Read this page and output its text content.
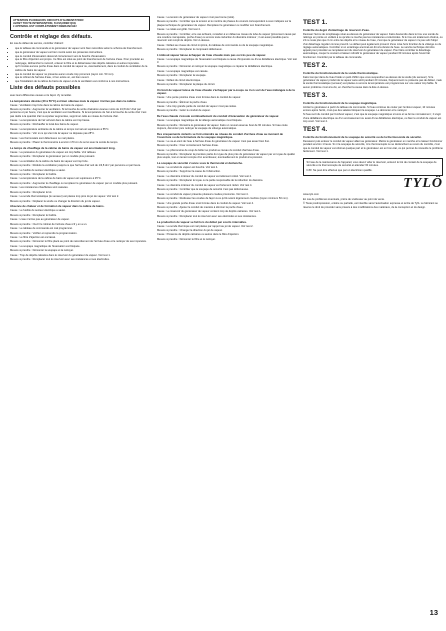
ATTENTION PLONGEURS CIRCUITS D'ALIMENTATION!
AVANT TOUTE INTERVENTION, S'ASSURER QUE
L'APPAREIL EST COMPLÈTEMENT DÉBRANCHÉ!
Contrôle et réglage des défauts.

En cas de défaut de service, contrôler d'abord :

• que le tableau de commande et le générateur de vapeur sont bien raccordés selon le schéma de branchement.
• que le générateur de vapeur est bien monté selon les présentes instructions.
• que le conduit d'évacuation descend correctement vers la bouche d'évacuation.
• que le filtre d'éjection est propre. Ce filtre est situé au point de branchement de l'arrivée d'eau. Pour procéder au nettoyage, débrancher le raccord, enlever le filtre et le débarrasser des dépôts calcaires et autres impuretés.
• qu'il n'existe aucune poche d'eau dans le conduit de vapeur ou, éventuellement, dans le conduit de ventilation de la cabine de bains de vapeur.
• que le conduit de vapeur ne présente aucun coude trop prononcé (rayon min. 50 mm).
• que le robinet de l'arrivée d'eau, s'il en existe un, est bien ouvert.
• que l'installation de la cabine de bains de vapeur et de la ventilation est conforme à nos instructions.
Liste des défauts possibles

avec leurs différentes causes et le façon d'y remédier.

La température désirée (40 à 50°C) est bien obtenue mais la vapeur n'arrive pas dans la cabine.

Cause : Ventilation trop forte dans la cabine de bains de vapeur.

Mesure à prendre : Augmenter la ventilation. Si la bouche de sortie d'aération évacue moins de 1/3,8 dm³ d'air par personne et par heure, c'est que la ventilation est insuffisante. Si la température de l'air à la bouche de sortie d'air n'est pas réelle à la quantité d'air à expulser augmentée, supprimer celle au niveau de l'arrivée d'air.

Cause : La température de l'air arrivant dans la cabine est trop basse.

Mesure à prendre : Réchauffer le local des bains de vapeur.

Cause : La température ambiante de la cabine et temps normal est supérieure à 55°C.

Mesure à prendre : Voir si ce qui vient de la vapeur ne dépasse pas 28°C.

Cause : Les thermostats sont défectueux ou mal placés.

Mesure à prendre : Placer le thermomètre à environ 170 cm du sol et avec la sonde de temps.

Le temps de chauffage de la cabine de bains de vapeur est anormalement long.

Cause : La puissance du générateur de vapeur est trop faible. Voir tableau.

Mesure à prendre : Remplacer le générateur par un modèle plus puissant.

Cause : La ventilation de la cabine de bains de vapeur est trop forte.

Mesure à prendre : Réduire la ventilation jusqu'à ce que l'arrivée d'air soit de 1/3,8 dm³ par personne et par heure.

Cause : Le fusible du secteur électrique a sauté.

Mesure à prendre : Remplacer le fusible.

Cause : La température de la cabine de bains de vapeur est supérieure à 25°C.

Mesure à prendre : Augmenter le chauffage ou remplacer le générateur de vapeur par un modèle plus puissant.

Cause : Les résistances chauffantes sont cassées.

Mesure à prendre : Remplacer le lot.

Cause : La sonde thermostatique (le senseur) est placée trop près du jet de vapeur. Voir test 2.

Mesure à prendre : Déplacer la sonde ou changer la direction du jet de vapeur.

Absence de chaleur et de formation de vapeur dans la cabine de bains.

Cause : Le fusible du secteur électrique a sauté.

Mesure à prendre : Remplacer le fusible.

Cause : L'eau n'arrive pas au générateur de vapeur.

Mesure à prendre : Ouvrir le robinet de l'arrivée d'eau s'il y en a un.

Cause : Le tableau de commande est mal programmé.

Mesure à prendre : Vérifier et reprendre la programmation.

Cause : Le filtre d'éjection est encrassé.

Mesure à prendre : Démonter le filtre placé au point de raccordement de l'arrivée d'eau et le nettoyer de ses impuretés.

Cause : La soupape magnétique de l'évacuation est bloquée.

Mesure à prendre : Démonter la soupape et la nettoyer.

Cause : Trop de dépôts calcaires dans le réservoir du générateur de vapeur. Voir test 1.

Mesure à prendre : Remplacer tout le réservoir avec ses résistances et ses électrodes.

Cause : La tension du générateur de vapeur n'est pas bonne (relié).

Mesure à prendre : Contrôler que la tension et le nombre de phases du courant correspondent à ceux indiqués sur la plaque technique du générateur de vapeur. Remplacer le générateur ou modifier son branchement.

Cause : Le relais est grillé. Voir test 4.

Mesure à prendre : Contrôler, et le cas échéant, remédier à un défaut au niveau du tube de vapeur (pincement causé par une coudure mal ajustée, poche d'eau) ou encore toute réduction du diamètre intérieur ; il est aussi possible que le réservoir soit rempli de dépôts. Voir ci-dessus.

Cause : Défaut au niveau du circuit imprimé, du tableau de commande ou de la soupape magnétique.

Mesure à prendre : Remplacer le composant défectueux.

L'embout vapeur laisse échapper de l'eau chaude mais pas ou très peu de vapeur.

Cause : La soupape magnétique de l'évacuation est bloquée à cause d'impuretés ou d'une défaillance électrique. Voir test 3.

Mesure à prendre : Démonter et nettoyer la soupape magnétique ou réparer la défaillance électrique.

Cause : La soupape magnétique est cassée.

Mesure à prendre : Remplacer la soupape.

Cause : Défaut du circuit électronique.

Mesure à prendre : Remplacer la plaque du circuit.

Un bruit de vapeur laisse de l'eau chaude s'échapper par à-coups ou il en sort de l'eau mélangée à de la vapeur.

Cause : Une pente positive d'eau s'est formée dans le conduit de vapeur.

Mesure à prendre : Éliminer la poche d'eau.

Cause : Une trop grande partie du conduit de vapeur n'est pas isolée.

Mesure à prendre : Isoler le conduit de vapeur.

De l'eau chaude s'écoule continuellement du conduit d'évacuation du générateur de vapeur.

Cause : La soupape magnétique de la vidange automatique s'est bloquée.

Mesure à prendre : Remettre le générateur de vapeur. Faire un nouvel essai au bout de 60 minutes. Si l'eau coule toujours, démonter puis nettoyer la soupape de vidange automatique.

Des craquements violents se font entendre au niveau du conduit d'arrivée d'eau au moment de l'ouverture ou de la fermeture de la soupape magnétique.

Cause : Le va-et-vient de l'eau à l'arrivée d'eau du générateur de vapeur n'est pas assez bien fixé.

Mesure à prendre : Fixer correctement l'arrivée d'eau.

Cause : Le phénomène de coup de bélier se produit au niveau du conduit d'arrivée d'eau.

Mesure à prendre : Remplacer la première partie du tuyau de plus près du générateur de vapeur par un tuyau de qualité plus souple, tout en tenant compte d'un amortisseur, éventuellement le produit à la pression.

La soupape de sécurité s'ouvre sous la thermostat et déclenche.

Cause : Le conduit de vapeur est bouché. Voir test 4.

Mesure à prendre : Supprimer la cause de l'obstruction.

Cause : Le diamètre intérieur du conduit de vapeur est tellement réduit. Voir test 4.

Mesure à prendre : Remplacer le tuyau ou la partie responsable de la réduction du diamètre.

Cause : Le diamètre intérieur du conduit de vapeur est fortement réduit. Voir test 4.

Mesure à prendre : Contrôler que la soupape de sécurité n'est pas défectueuse.

Cause : Le conduit de vapeur présente plusieurs coudes prononcés. Voir test 4.

Mesure à prendre : Redresser les coudes de façon à ce qu'ils soient légèrement courbés (rayon minimum 50 mm).

Cause : Une grande poche d'eau s'est formée dans le conduit de vapeur. Voir test 4.

Mesure à prendre : Ajuster le conduit de manière à éliminer la poche d'eau.

Cause : Le réservoir du générateur de vapeur contient trop de dépôts calcaires. Voir test 1.

Mesure à prendre : Remplacer tout le réservoir avec ses électrodes et ses résistances.

La production de vapeur se fait lors du début par courts intervalles.

Cause : La sonde thermique est mal placée par rapport au jet de vapeur. Voir test 2.

Mesure à prendre : Changer la direction du jet de vapeur.

Cause : Présence de dépôts calcaires ou autres dans le filtre d'éjection.

Mesure à prendre : Démonter le filtre et le nettoyer.

TEST 1.
Contrôle du degré d'entartrage du réservoir d'eau.

Devisser l'écrou de remplissage situé au-dessus du générateur de vapeur. Faire descendre dans le trou une sonde de rallonge en pointe en veillant à ce qu'elle ne touche pas les résistances et électrodes. Si le trou est totalement obstrué, ou s'il ne reste plus que 3 cm entre les dépôts et le niveau de l'eau, c'est que le générateur de vapeur n'a pas subi l'objet d'un détartrage régulier comme prescrit. Le défaut peut également provenir d'une mise hors fonction de la vidange ou du réglage automatiques. Contrôler si un entartrage anormal est dû à la dureté de l'eau. Le service technique doit être appelé pour procéder au remplacement du réservoir du générateur de vapeur. Pour faire contrôler le détartrage automatique, couper le courant et laisser refroidir le générateur de vapeur pendant 60 minutes après l'avoir fait fonctionner. Contrôler par le tableau de commande.

TEST 2.
Contrôle du fonctionnement de la sonde thermostatique.

Faire tremper dans de l'eau froide un petit chiffon que vous suspendrez au-dessus de la sonde (du senseur). Si le générateur de vapeur produit de la vapeur sans arrêt pendant 20 minutes, fréquemment ne présente pas de défaut, mais la sonde thermostatique (senseur) est placée ou encore la température est programmée sur une valeur trop faible. Si aucun problème n'est à la clé, en chercher la cause dans la liste ci-dessus.

TEST 3.
Contrôle du fonctionnement de la soupape magnétique.

Arrêter le générateur à partir du tableau de commande. Si l'eau continue de couler par l'embout vapeur, 10 minutes encore après l'arrêt, c'est que des saletés bloquent la soupape. Le démonter et le nettoyer.

Si l'eau sort du conduit par l'embout vapeur, c'est que la soupape magnétique s'ouvre et se ferme normalement ; il s'agit d'une défaillance électrique ou d'un encrassement ou aussi d'une défaillance électrique, ou bien le conduit de vapeur est trop court. Voir test 4.

TEST 4.
Contrôle du fonctionnement de la soupape de sécurité ou de la thermosonde de sécurité.

Dessserer puis enlever le conduit de vapeur allant au générateur. Mettre le générateur en marche et le laisser fonctionner pendant environ 1 heure. Si ni la soupape de sécurité, ni le thermocouple ne se déclenchent au cours du contrôle, c'est que le conduit de vapeur est obstrué quelque part et le générateur est en bon état, ce qui permet de résoudre le problème facilement. Voir test 1.

Si l'eau de la maintenance de l'appareil, vous devez vider le réservoir, enlevez le tiré de contact de la soupape de sécurité et le thermocouple de sécurité et attendez 60 minutes.

N.B.! Ne peut être effectué que par un électricien qualifié.

TYLÖ

www.tylo.com

En cas de problèmes éventuels, prière de s'adresser au point de vente.

© Toute postimpression, entière ou partielle, est interdite sans l'autorisation expresse et écrite de Tylö. Le fabricant se réserve le droit de procéder sans préavis à des modifications des matériaux, de la conception et du design.

13
